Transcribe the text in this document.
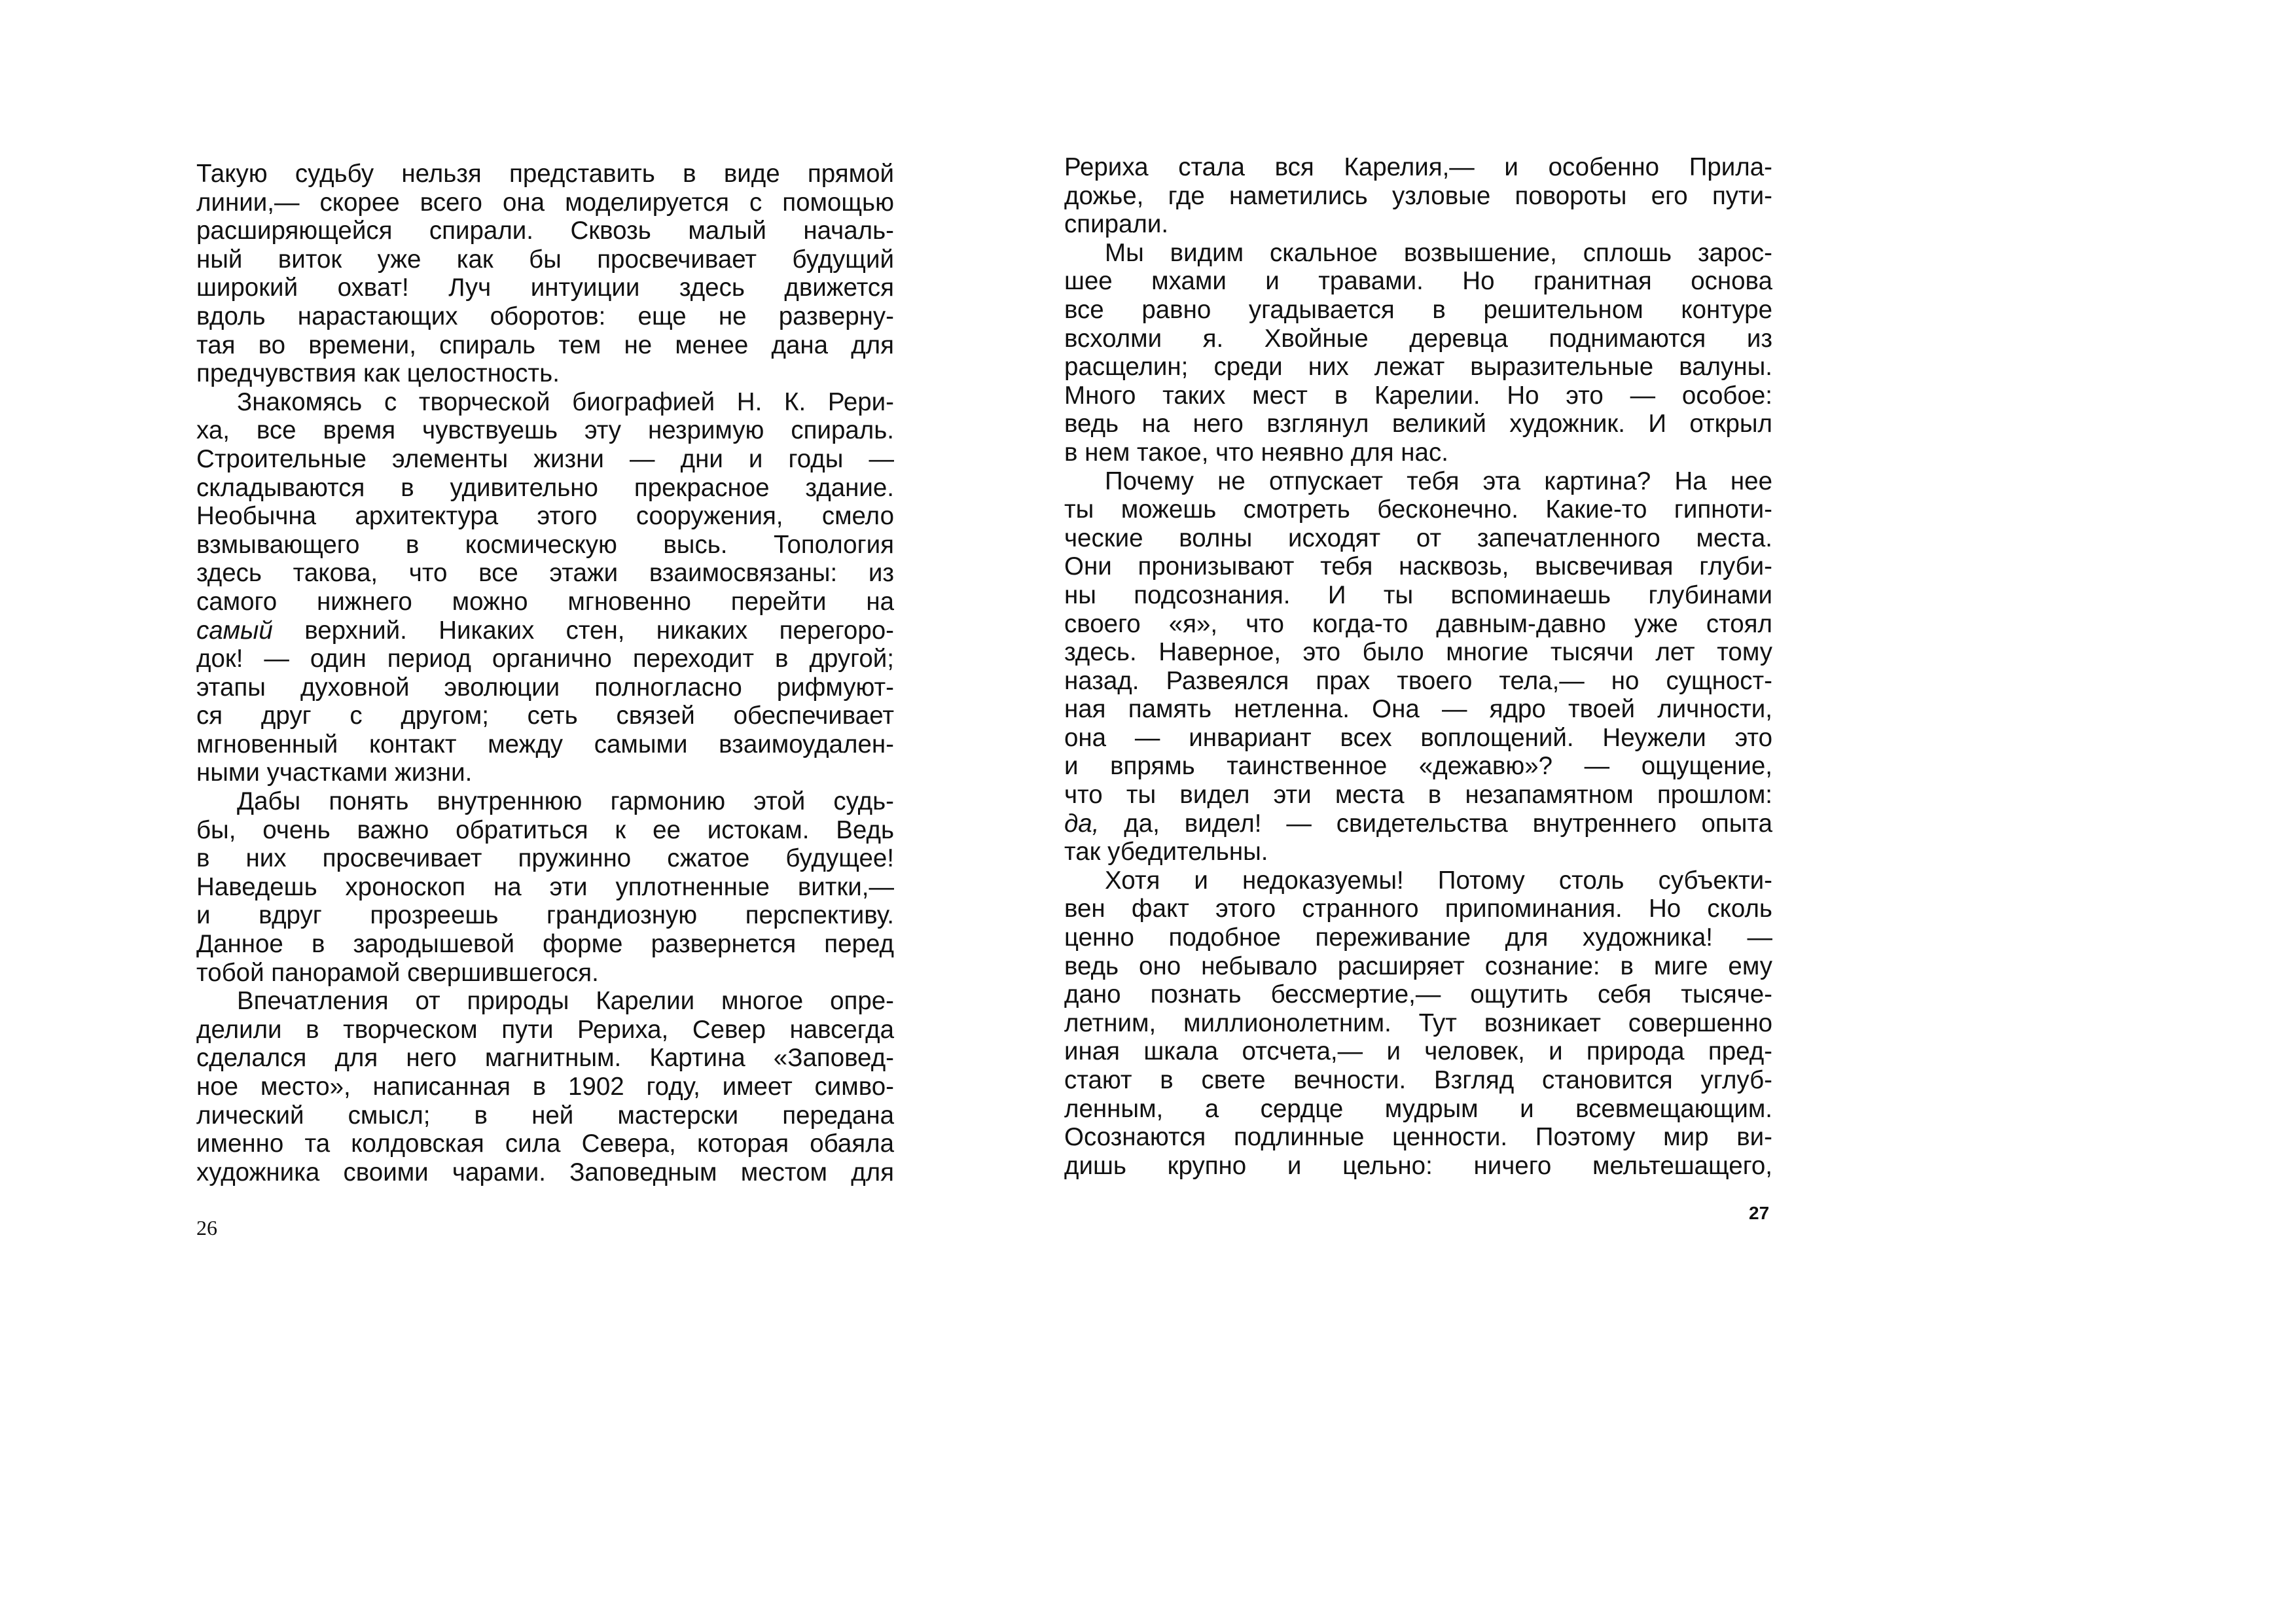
Такую судьбу нельзя представить в виде прямой
линии,— скорее всего она моделируется с помощью
расширяющейся спирали. Сквозь малый началь-
ный виток уже как бы просвечивает будущий
широкий охват! Луч интуиции здесь движется
вдоль нарастающих оборотов: еще не разверну-
тая во времени, спираль тем не менее дана для
предчувствия как целостность.
Знакомясь с творческой биографией Н. К. Рери-
ха, все время чувствуешь эту незримую спираль.
Строительные элементы жизни — дни и годы —
складываются в удивительно прекрасное здание.
Необычна архитектура этого сооружения, смело
взмывающего в космическую высь. Топология
здесь такова, что все этажи взаимосвязаны: из
самого нижнего можно мгновенно перейти на
самый верхний. Никаких стен, никаких перегоро-
док! — один период органично переходит в другой;
этапы духовной эволюции полногласно рифмуют-
ся друг с другом; сеть связей обеспечивает
мгновенный контакт между самыми взаимоудален-
ными участками жизни.
Дабы понять внутреннюю гармонию этой судь-
бы, очень важно обратиться к ее истокам. Ведь
в них просвечивает пружинно сжатое будущее!
Наведешь хроноскоп на эти уплотненные витки,—
и вдруг прозреешь грандиозную перспективу.
Данное в зародышевой форме развернется перед
тобой панорамой свершившегося.
Впечатления от природы Карелии многое опре-
делили в творческом пути Рериха, Север навсегда
сделался для него магнитным. Картина «Заповед-
ное место», написанная в 1902 году, имеет симво-
лический смысл; в ней мастерски передана
именно та колдовская сила Севера, которая обаяла
художника своими чарами. Заповедным местом для
26
Рериха стала вся Карелия,— и особенно Прила-
дожье, где наметились узловые повороты его пути-
спирали.
Мы видим скальное возвышение, сплошь зарос-
шее мхами и травами. Но гранитная основа
все равно угадывается в решительном контуре
всхолми я. Хвойные деревца поднимаются из
расщелин; среди них лежат выразительные валуны.
Много таких мест в Карелии. Но это — особое:
ведь на него взглянул великий художник. И открыл
в нем такое, что неявно для нас.
Почему не отпускает тебя эта картина? На нее
ты можешь смотреть бесконечно. Какие-то гипноти-
ческие волны исходят от запечатленного места.
Они пронизывают тебя насквозь, высвечивая глуби-
ны подсознания. И ты вспоминаешь глубинами
своего «я», что когда-то давным-давно уже стоял
здесь. Наверное, это было многие тысячи лет тому
назад. Развеялся прах твоего тела,— но сущност-
ная память нетленна. Она — ядро твоей личности,
она — инвариант всех воплощений. Неужели это
и впрямь таинственное «дежавю»? — ощущение,
что ты видел эти места в незапамятном прошлом:
да, да, видел! — свидетельства внутреннего опыта
так убедительны.
Хотя и недоказуемы! Потому столь субъекти-
вен факт этого странного припоминания. Но сколь
ценно подобное переживание для художника! —
ведь оно небывало расширяет сознание: в миге ему
дано познать бессмертие,— ощутить себя тысяче-
летним, миллионолетним. Тут возникает совершенно
иная шкала отсчета,— и человек, и природа пред-
стают в свете вечности. Взгляд становится углуб-
ленным, а сердце мудрым и всевмещающим.
Осознаются подлинные ценности. Поэтому мир ви-
дишь крупно и цельно: ничего мельтешащего,
27
